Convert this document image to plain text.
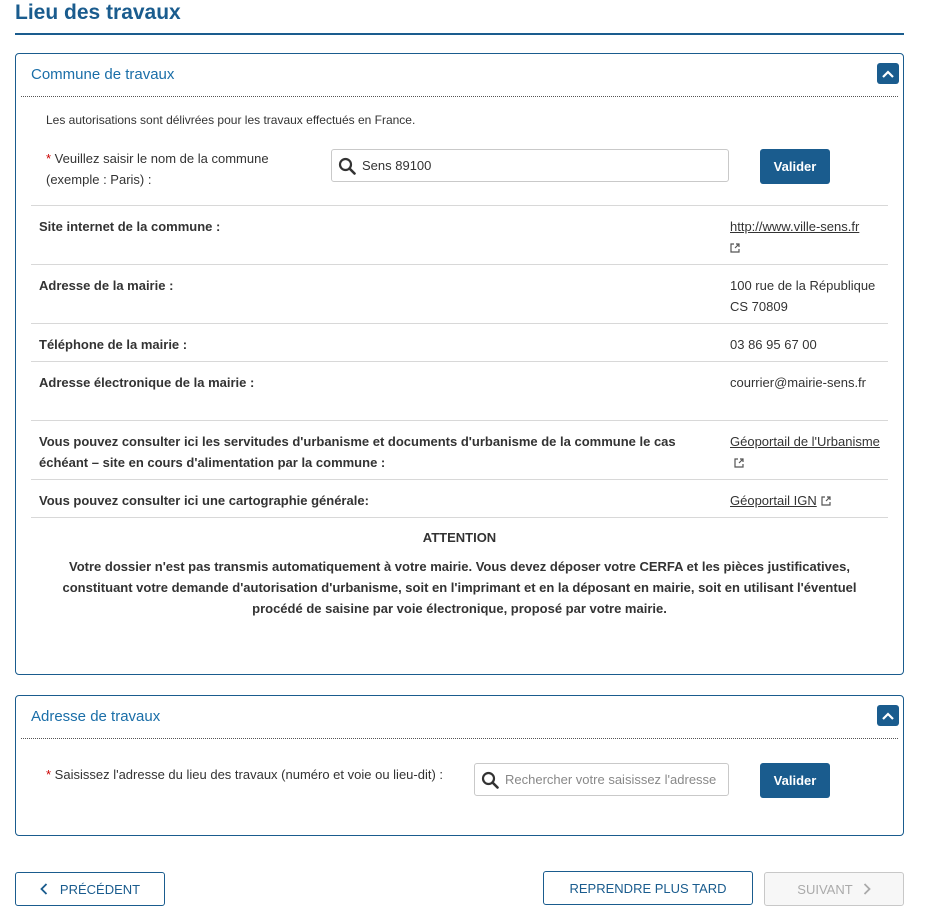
Lieu des travaux
Commune de travaux
Les autorisations sont délivrées pour les travaux effectués en France.
* Veuillez saisir le nom de la commune (exemple : Paris) :
Sens 89100
Valider
Site internet de la commune :	http://www.ville-sens.fr

Adresse de la mairie :	100 rue de la République CS 70809
Téléphone de la mairie :	03 86 95 67 00
Adresse électronique de la mairie :	courrier@mairie-sens.fr
Vous pouvez consulter ici les servitudes d'urbanisme et documents d'urbanisme de la commune le cas échéant – site en cours d'alimentation par la commune :
Géoportail de l'Urbanisme
Vous pouvez consulter ici une cartographie générale:	Géoportail IGN
ATTENTION
Votre dossier n'est pas transmis automatiquement à votre mairie. Vous devez déposer votre CERFA et les pièces justificatives, constituant votre demande d'autorisation d'urbanisme, soit en l'imprimant et en la déposant en mairie, soit en utilisant l'éventuel procédé de saisine par voie électronique, proposé par votre mairie.
Adresse de travaux
* Saisissez l'adresse du lieu des travaux (numéro et voie ou lieu-dit) :
Rechercher votre saisissez l'adresse	Valider
PRÉCÉDENT	REPRENDRE PLUS TARD	SUIVANT
